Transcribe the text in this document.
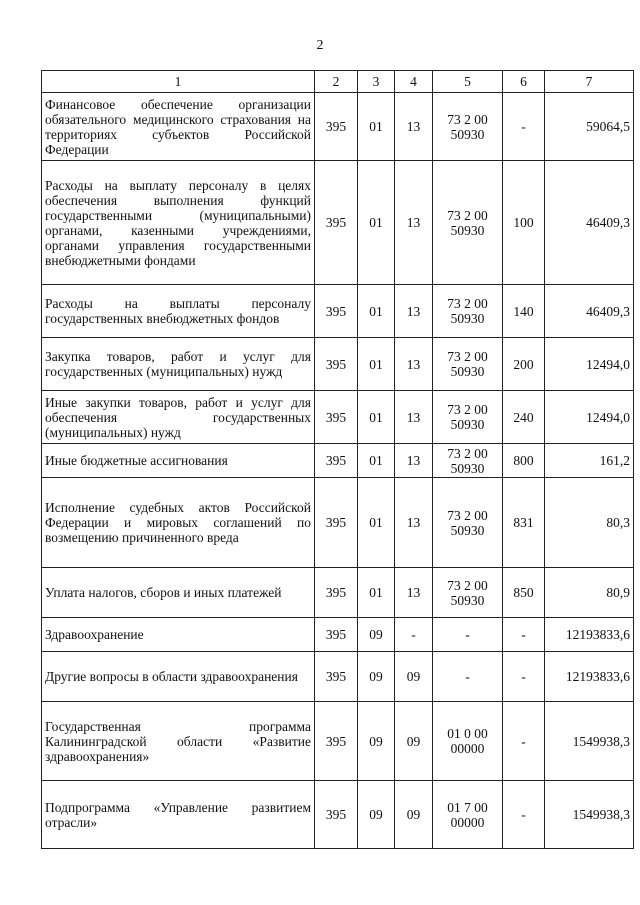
2
1	2	3	4	5	6	7
Финансовое обеспечение организации обязательного медицинского страхования на территориях субъектов Российской Федерации	395	01	13	73 2 00 50930	-	59064,5
Расходы на выплату персоналу в целях обеспечения выполнения функций государственными (муниципальными) органами, казенными учреждениями, органами управления государственными внебюджетными фондами	395	01	13	73 2 00 50930	100	46409,3
Расходы на выплаты персоналу государственных внебюджетных фондов	395	01	13	73 2 00 50930	140	46409,3
Закупка товаров, работ и услуг для государственных (муниципальных) нужд	395	01	13	73 2 00 50930	200	12494,0
Иные закупки товаров, работ и услуг для обеспечения государственных (муниципальных) нужд	395	01	13	73 2 00 50930	240	12494,0
Иные бюджетные ассигнования	395	01	13	73 2 00 50930	800	161,2
Исполнение судебных актов Российской Федерации и мировых соглашений по возмещению причиненного вреда	395	01	13	73 2 00 50930	831	80,3
Уплата налогов, сборов и иных платежей	395	01	13	73 2 00 50930	850	80,9
Здравоохранение	395	09	-	-	-	12193833,6
Другие вопросы в области здравоохранения	395	09	09	-	-	12193833,6
Государственная программа Калининградской области «Развитие здравоохранения»	395	09	09	01 0 00 00000	-	1549938,3
Подпрограмма «Управление развитием отрасли»	395	09	09	01 7 00 00000	-	1549938,3
